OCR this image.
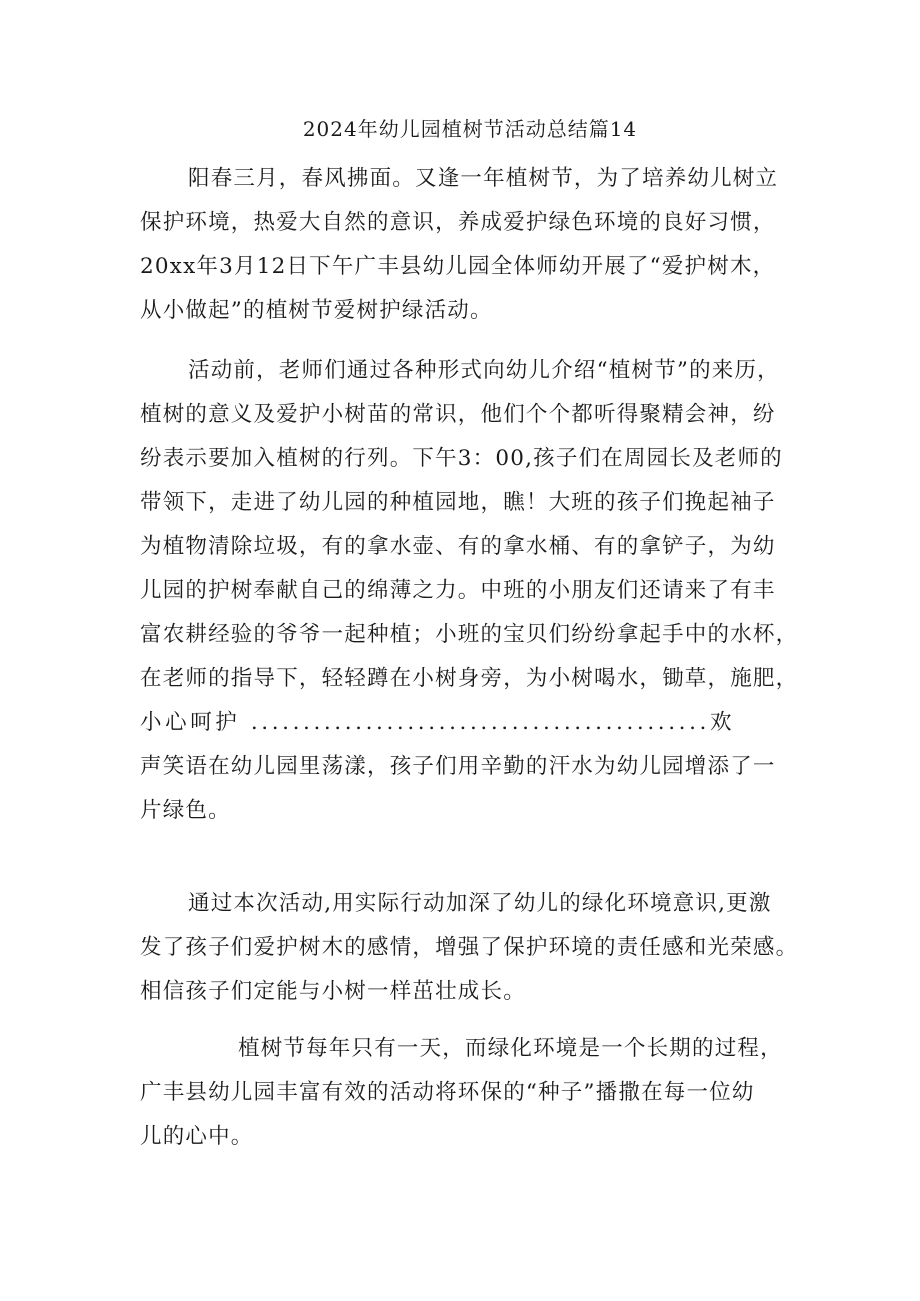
2024年幼儿园植树节活动总结篇14
阳春三月，春风拂面。又逢一年植树节，为了培养幼儿树立
保护环境，热爱大自然的意识，养成爱护绿色环境的良好习惯，
20xx年3月12日下午广丰县幼儿园全体师幼开展了“爱护树木，
从小做起”的植树节爱树护绿活动。
活动前，老师们通过各种形式向幼儿介绍“植树节”的来历，
植树的意义及爱护小树苗的常识，他们个个都听得聚精会神，纷
纷表示要加入植树的行列。下午3：00,孩子们在周园长及老师的
带领下，走进了幼儿园的种植园地，瞧！大班的孩子们挽起袖子
为植物清除垃圾，有的拿水壶、有的拿水桶、有的拿铲子，为幼
儿园的护树奉献自己的绵薄之力。中班的小朋友们还请来了有丰
富农耕经验的爷爷一起种植；小班的宝贝们纷纷拿起手中的水杯，
在老师的指导下，轻轻蹲在小树身旁，为小树喝水，锄草，施肥，
小心呵护 ............................................欢
声笑语在幼儿园里荡漾，孩子们用辛勤的汗水为幼儿园增添了一
片绿色。
通过本次活动,用实际行动加深了幼儿的绿化环境意识,更激
发了孩子们爱护树木的感情，增强了保护环境的责任感和光荣感。
相信孩子们定能与小树一样茁壮成长。
植树节每年只有一天，而绿化环境是一个长期的过程，
广丰县幼儿园丰富有效的活动将环保的“种子”播撒在每一位幼
儿的心中。
